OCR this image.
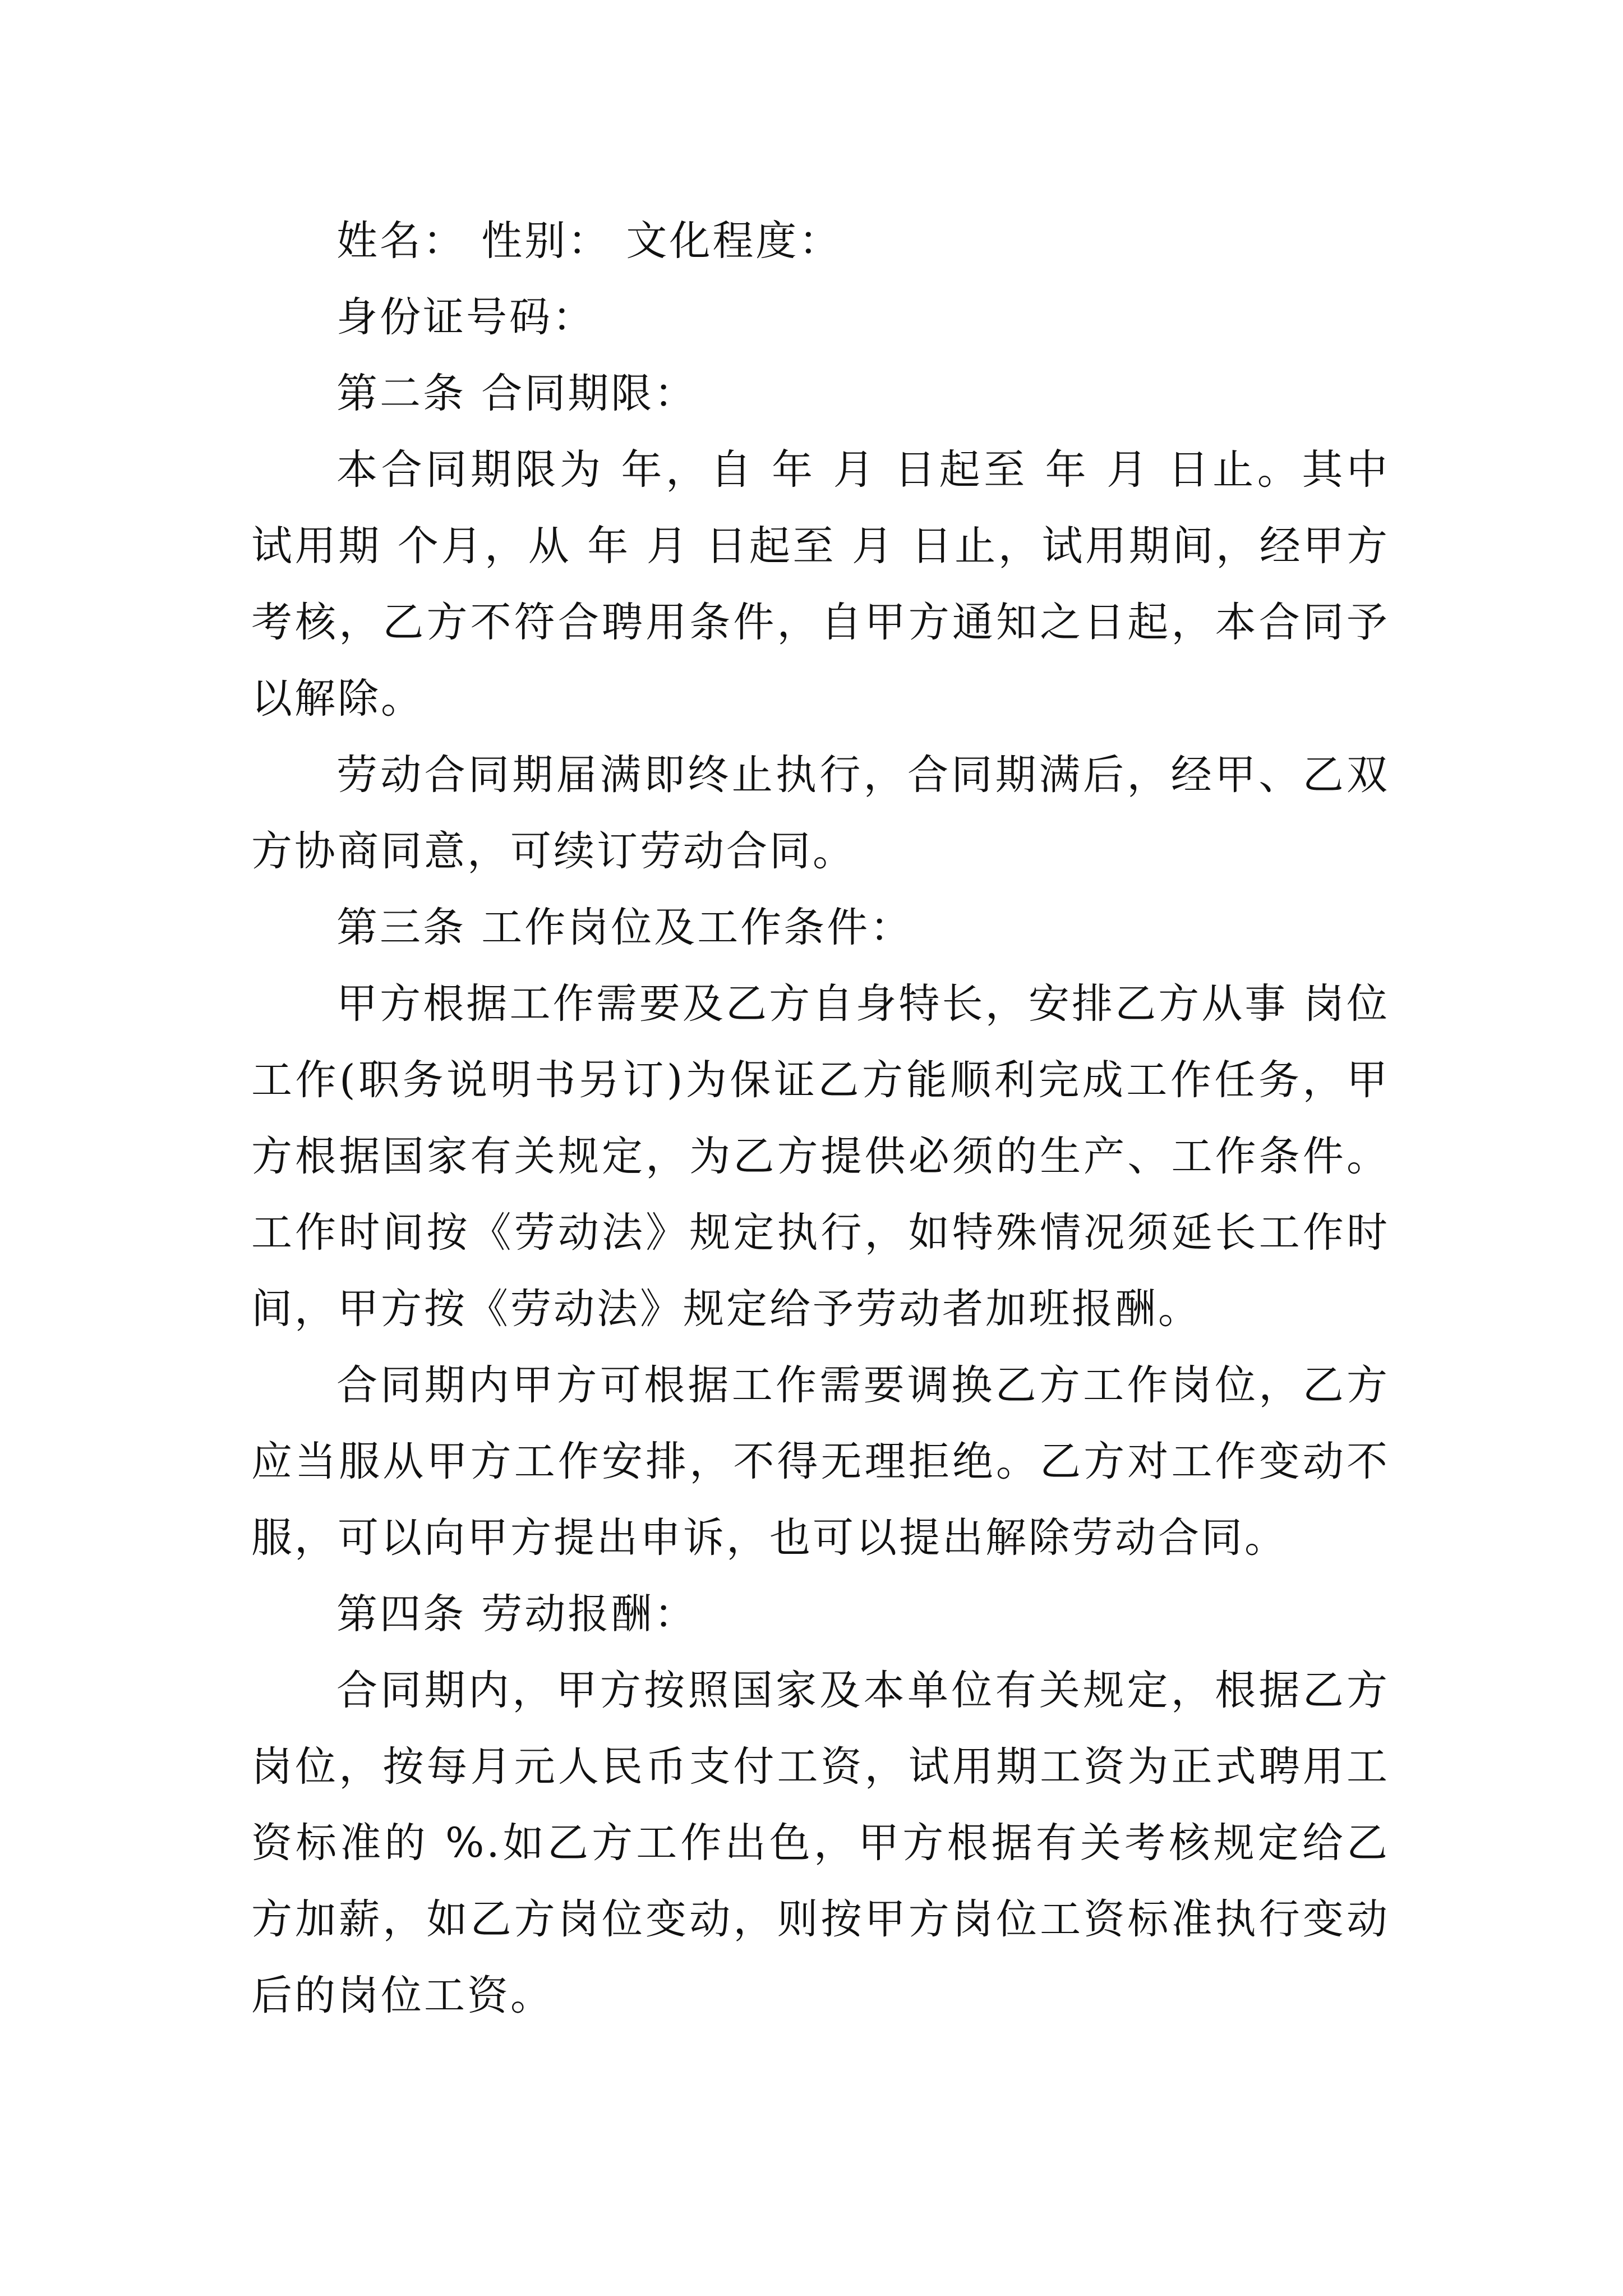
姓名： 性别： 文化程度：

身份证号码：

第二条 合同期限：

本合同期限为 年，自 年 月 日起至 年 月 日止。其中试用期 个月，从 年 月 日起至 月 日止，试用期间，经甲方考核，乙方不符合聘用条件，自甲方通知之日起，本合同予以解除。

劳动合同期届满即终止执行，合同期满后，经甲、乙双方协商同意，可续订劳动合同。

第三条 工作岗位及工作条件：

甲方根据工作需要及乙方自身特长，安排乙方从事 岗位工作(职务说明书另订)为保证乙方能顺利完成工作任务，甲方根据国家有关规定，为乙方提供必须的生产、工作条件。工作时间按《劳动法》规定执行，如特殊情况须延长工作时间，甲方按《劳动法》规定给予劳动者加班报酬。

合同期内甲方可根据工作需要调换乙方工作岗位，乙方应当服从甲方工作安排，不得无理拒绝。乙方对工作变动不服，可以向甲方提出申诉，也可以提出解除劳动合同。

第四条 劳动报酬：

合同期内，甲方按照国家及本单位有关规定，根据乙方岗位，按每月元人民币支付工资，试用期工资为正式聘用工资标准的 %.如乙方工作出色，甲方根据有关考核规定给乙方加薪，如乙方岗位变动，则按甲方岗位工资标准执行变动后的岗位工资。
